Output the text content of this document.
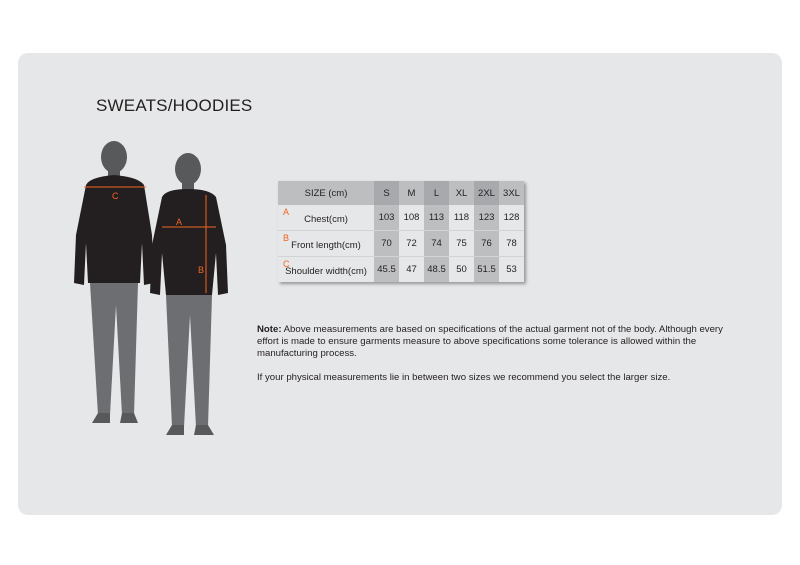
SWEATS/HOODIES
C
A
B
SIZE (cm)	S	M	L	XL	2XL	3XL

A
Chest(cm)	103	108	113	118	123	128

B
Front length(cm)	70	72	74	75	76	78

C
Shoulder width(cm)	45.5	47	48.5	50	51.5	53

Note: Above measurements are based on specifications of the actual garment not of the body. Although every effort is made to ensure garments measure to above specifications some tolerance is allowed within the manufacturing process.

If your physical measurements lie in between two sizes we recommend you select the larger size.
